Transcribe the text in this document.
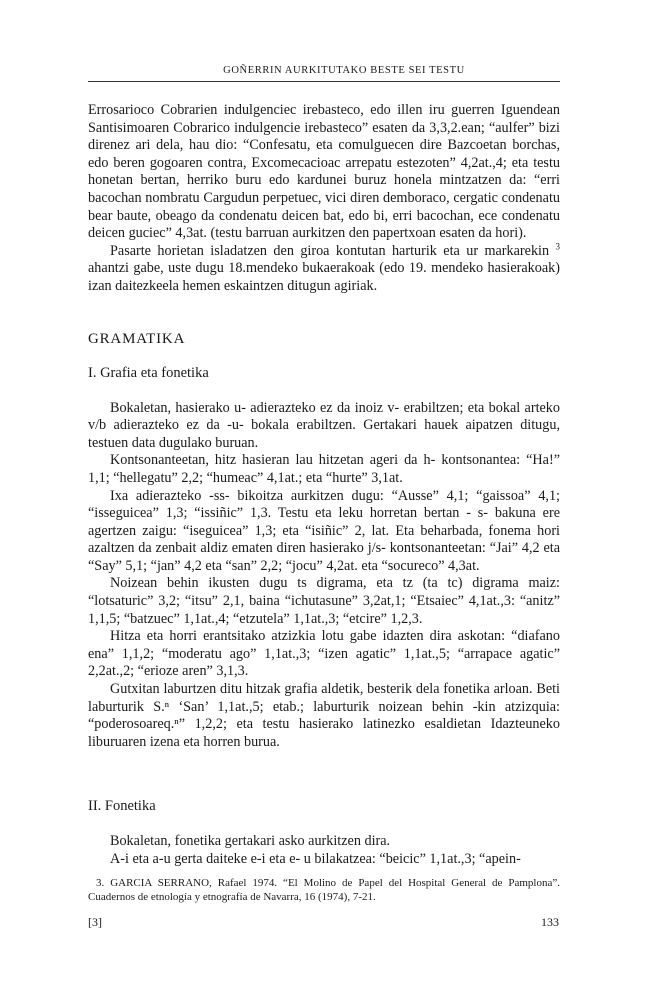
GOÑERRIN AURKITUTAKO BESTE SEI TESTU

Errosarioco Cobrarien indulgenciec irebasteco, edo illen iru guerren Iguendean Santisimoaren Cobrarico indulgencie irebasteco” esaten da 3,3,2.ean; “aulfer” bizi direnez ari dela, hau dio: “Confesatu, eta comulguecen dire Bazcoetan borchas, edo beren gogoaren contra, Excomecacioac arrepatu estezoten” 4,2at.,4; eta testu honetan bertan, herriko buru edo kardunei buruz honela mintzatzen da: “erri bacochan nombratu Cargudun perpetuec, vici diren demboraco, cergatic condenatu bear baute, obeago da condenatu deicen bat, edo bi, erri bacochan, ece condenatu deicen guciec” 4,3at. (testu barruan aurkitzen den papertxoan esaten da hori).

Pasarte horietan isladatzen den giroa kontutan harturik eta ur markarekin $^3$ ahantzi gabe, uste dugu 18.mendeko bukaerakoak (edo 19. mendeko hasierakoak) izan daitezkeela hemen eskaintzen ditugun agiriak.

GRAMATIKA
I. Grafia eta fonetika

Bokaletan, hasierako u- adierazteko ez da inoiz v- erabiltzen; eta bokal arteko v/b adierazteko ez da -u- bokala erabiltzen. Gertakari hauek aipatzen ditugu, testuen data dugulako buruan.

Kontsonanteetan, hitz hasieran lau hitzetan ageri da h- kontsonantea: “Ha!” 1,1; “hellegatu” 2,2; “humeac” 4,1at.; eta “hurte” 3,1at.

Ixa adierazteko -ss- bikoitza aurkitzen dugu: “Ausse” 4,1; “gaissoa” 4,1; “isseguicea” 1,3; “issiñic” 1,3. Testu eta leku horretan bertan - s- bakuna ere agertzen zaigu: “iseguicea” 1,3; eta “isiñic” 2, lat. Eta beharbada, fonema hori azaltzen da zenbait aldiz ematen diren hasierako j/s- kontsonanteetan: “Jai” 4,2 eta “Say” 5,1; “jan” 4,2 eta “san” 2,2; “jocu” 4,2at. eta “socureco” 4,3at.

Noizean behin ikusten dugu ts digrama, eta tz (ta tc) digrama maiz: “lotsaturic” 3,2; “itsu” 2,1, baina “ichutasune” 3,2at,1; “Etsaiec” 4,1at.,3: “anitz” 1,1,5; “batzuec” 1,1at.,4; “etzutela” 1,1at.,3; “etcire” 1,2,3.

Hitza eta horri erantsitako atzizkia lotu gabe idazten dira askotan: “diafano ena” 1,1,2; “moderatu ago” 1,1at.,3; “izen agatic” 1,1at.,5; “arrapace agatic” 2,2at.,2; “erioze aren” 3,1,3.

Gutxitan laburtzen ditu hitzak grafia aldetik, besterik dela fonetika arloan. Beti laburturik S.ⁿ ‘San’ 1,1at.,5; etab.; laburturik noizean behin -kin atzizquia: “poderosoareq.ⁿ” 1,2,2; eta testu hasierako latinezko esaldietan Idazteuneko liburuaren izena eta horren burua.

II. Fonetika

Bokaletan, fonetika gertakari asko aurkitzen dira.

A-i eta a-u gerta daiteke e-i eta e- u bilakatzea: “beicic” 1,1at.,3; “apein-

3. GARCIA SERRANO, Rafael 1974. “El Molino de Papel del Hospital General de Pamplona”. Cuadernos de etnología y etnografía de Navarra, 16 (1974), 7-21.
[3]	133
